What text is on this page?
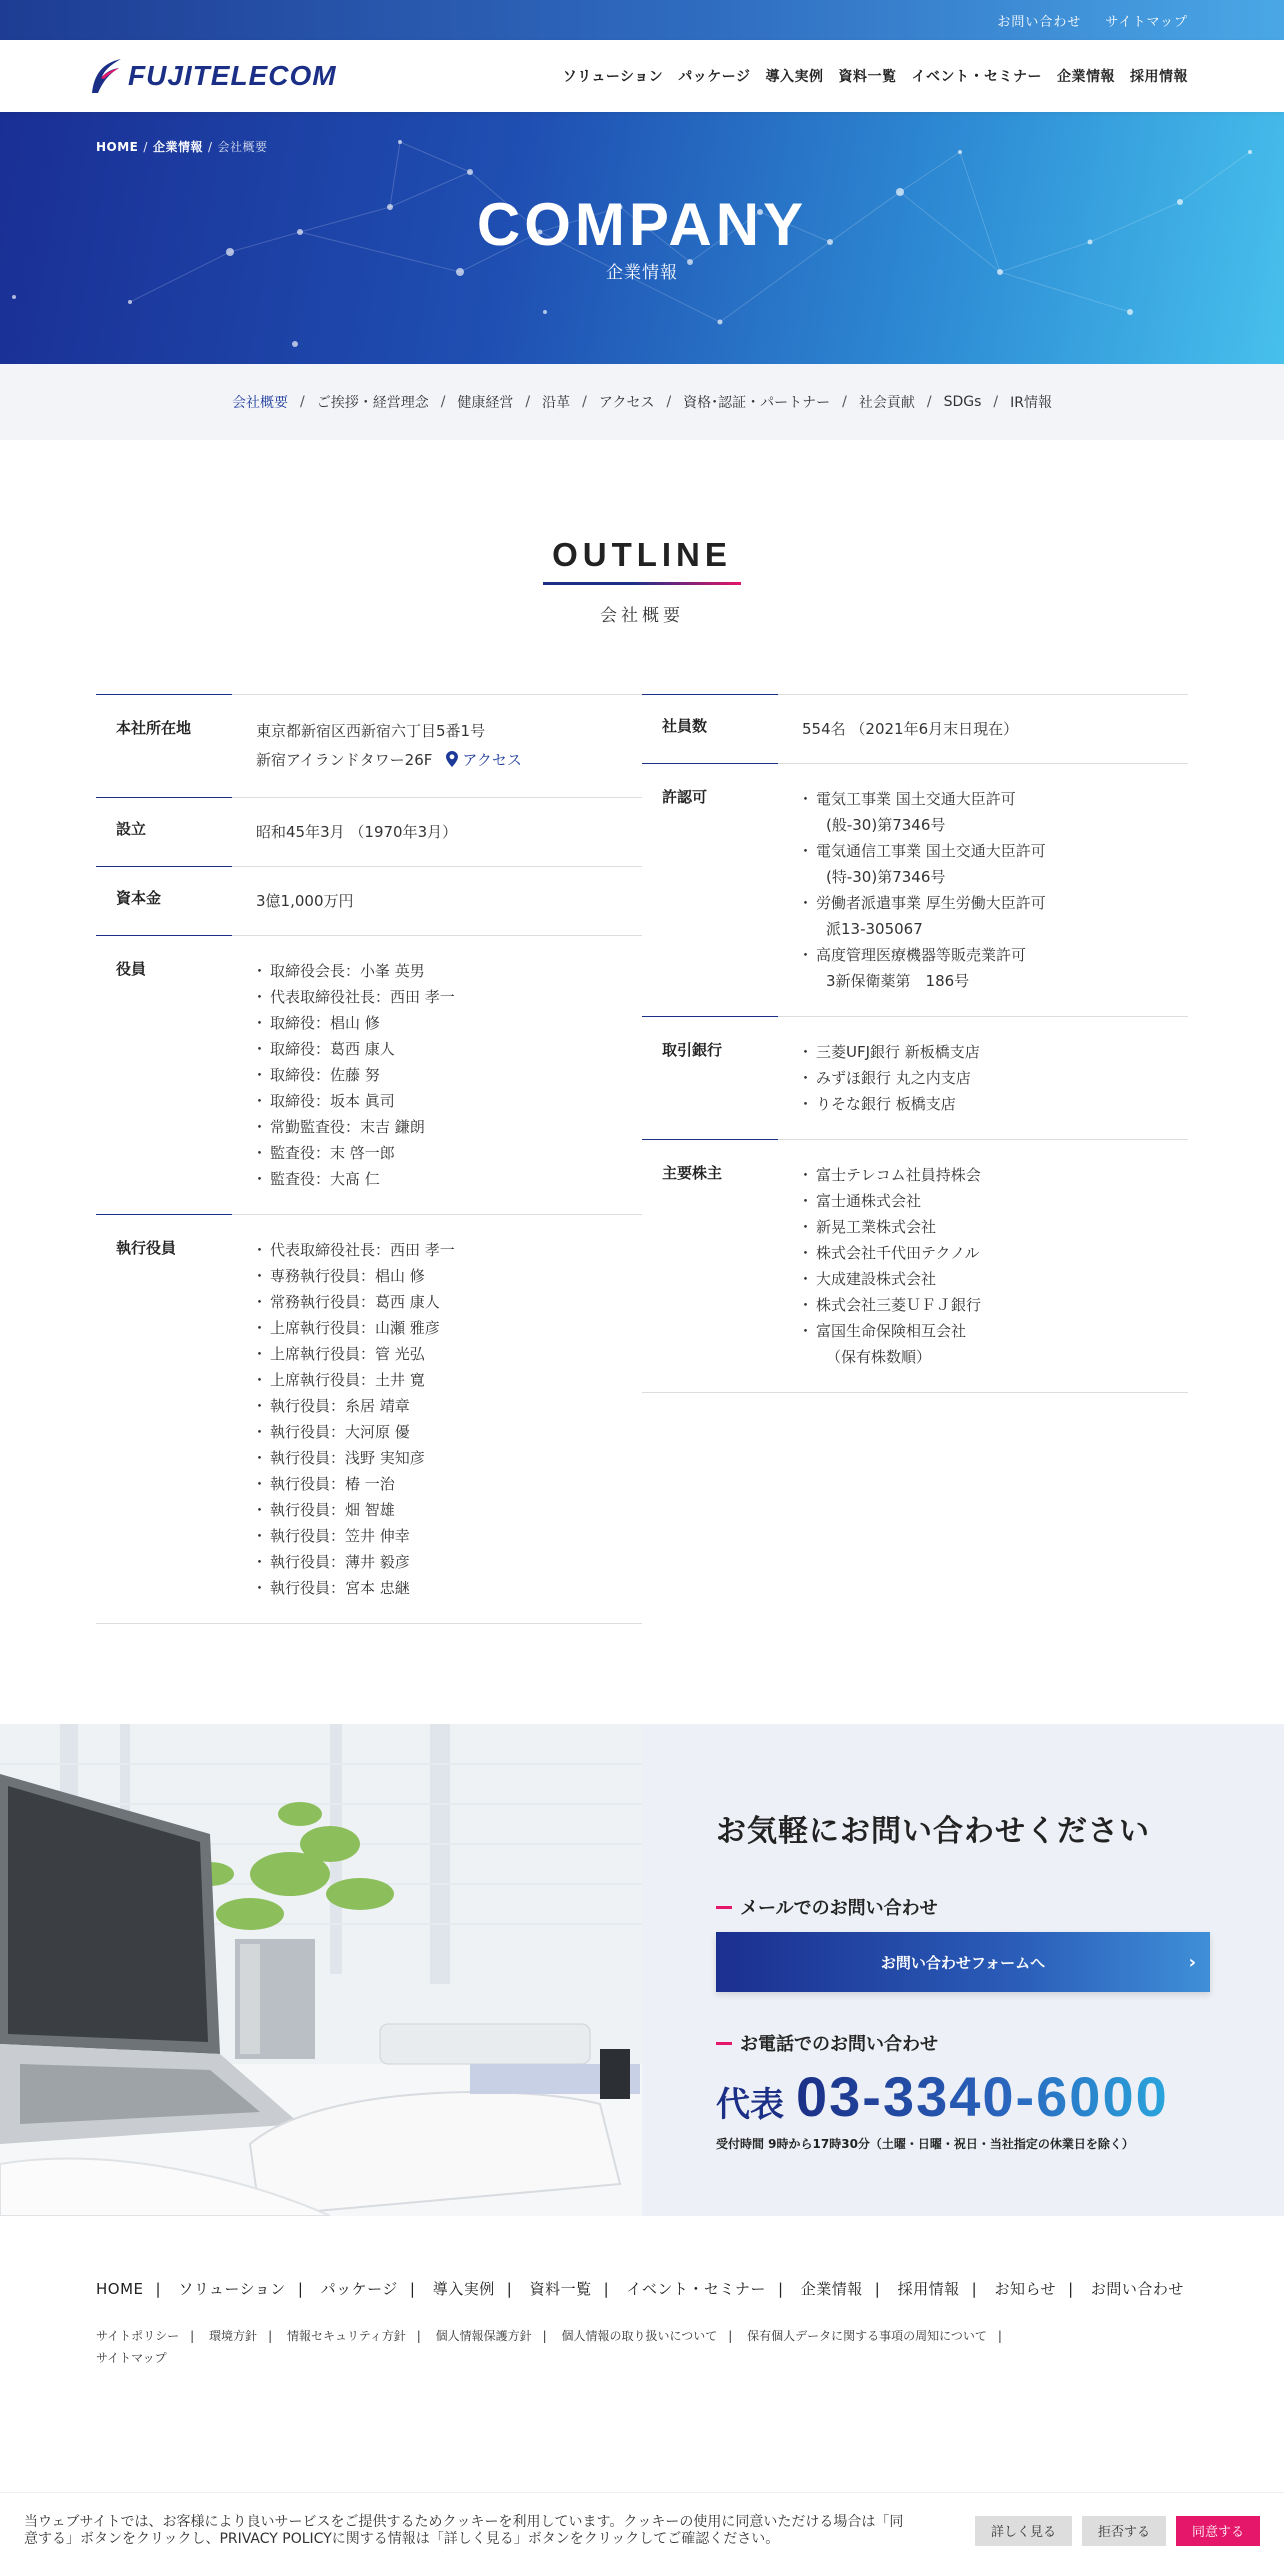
お問い合わせ サイトマップ
FUJITELECOM	ソリューション パッケージ 導入実例 資料一覧 イベント・セミナー 企業情報 採用情報
HOME / 企業情報 / 会社概要
COMPANY
企業情報
会社概要 / ご挨拶・経営理念 / 健康経営 / 沿革 / アクセス / 資格･認証・パートナー / 社会貢献 / SDGs / IR情報
OUTLINE
会社概要
本社所在地	東京都新宿区西新宿六丁目5番1号
新宿アイランドタワー26F アクセス
設立	昭和45年3月 （1970年3月）
資本金	3億1,000万円
役員	・ 取締役会長：小峯 英男
・ 代表取締役社長：西田 孝一
・ 取締役：椙山 修
・ 取締役：葛西 康人
・ 取締役：佐藤 努
・ 取締役：坂本 眞司
・ 常勤監査役：末吉 鎌朗
・ 監査役：末 啓一郎
・ 監査役：大髙 仁
執行役員	・ 代表取締役社長：西田 孝一
・ 専務執行役員：椙山 修
・ 常務執行役員：葛西 康人
・ 上席執行役員：山瀬 雅彦
・ 上席執行役員：管 光弘
・ 上席執行役員：土井 寛
・ 執行役員：糸居 靖章
・ 執行役員：大河原 優
・ 執行役員：浅野 実知彦
・ 執行役員：椿 一治
・ 執行役員：畑 智雄
・ 執行役員：笠井 伸幸
・ 執行役員：薄井 毅彦
・ 執行役員：宮本 忠継
社員数	554名 （2021年6月末日現在）
許認可	・ 電気工事業 国土交通大臣許可
(般-30)第7346号
・ 電気通信工事業 国土交通大臣許可
(特-30)第7346号
・ 労働者派遣事業 厚生労働大臣許可
派13-305067
・ 高度管理医療機器等販売業許可
3新保衛薬第　186号
取引銀行	・ 三菱UFJ銀行 新板橋支店
・ みずほ銀行 丸之内支店
・ りそな銀行 板橋支店
主要株主	・ 富士テレコム社員持株会
・ 富士通株式会社
・ 新晃工業株式会社
・ 株式会社千代田テクノル
・ 大成建設株式会社
・ 株式会社三菱ＵＦＪ銀行
・ 富国生命保険相互会社
（保有株数順）
お気軽にお問い合わせください
メールでのお問い合わせ
お問い合わせフォームへ	›
お電話でのお問い合わせ
代表 03-3340-6000
受付時間 9時から17時30分（土曜・日曜・祝日・当社指定の休業日を除く）
HOME | ソリューション | パッケージ | 導入実例 | 資料一覧 | イベント・セミナー | 企業情報 | 採用情報 | お知らせ | お問い合わせ
サイトポリシー | 環境方針 | 情報セキュリティ方針 | 個人情報保護方針 | 個人情報の取り扱いについて | 保有個人データに関する事項の周知について |
サイトマップ
当ウェブサイトでは、お客様により良いサービスをご提供するためクッキーを利用しています。クッキーの使用に同意いただける場合は「同意する」ボタンをクリックし、PRIVACY POLICYに関する情報は「詳しく見る」ボタンをクリックしてご確認ください。	詳しく見る	拒否する	同意する
